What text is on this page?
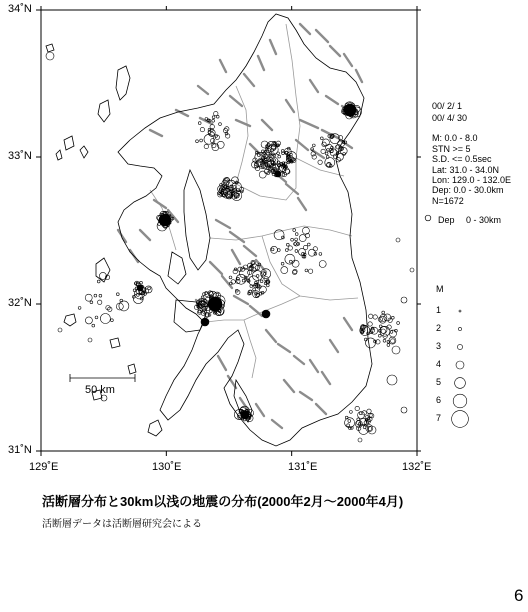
34˚N
33˚N
32˚N
31˚N
129˚E	130˚E	131˚E	132˚E
00/ 2/ 1
00/ 4/ 30
M: 0.0 - 8.0
STN >= 5
S.D. <= 0.5sec
Lat: 31.0 - 34.0N
Lon: 129.0 - 132.0E
Dep: 0.0 - 30.0km
N=1672
Dep 0 - 30km
M
1
2
3
4
5
6
7
50 km
活断層分布と30km以浅の地震の分布(2000年2月～2000年4月)
活断層データは活断層研究会による
6
